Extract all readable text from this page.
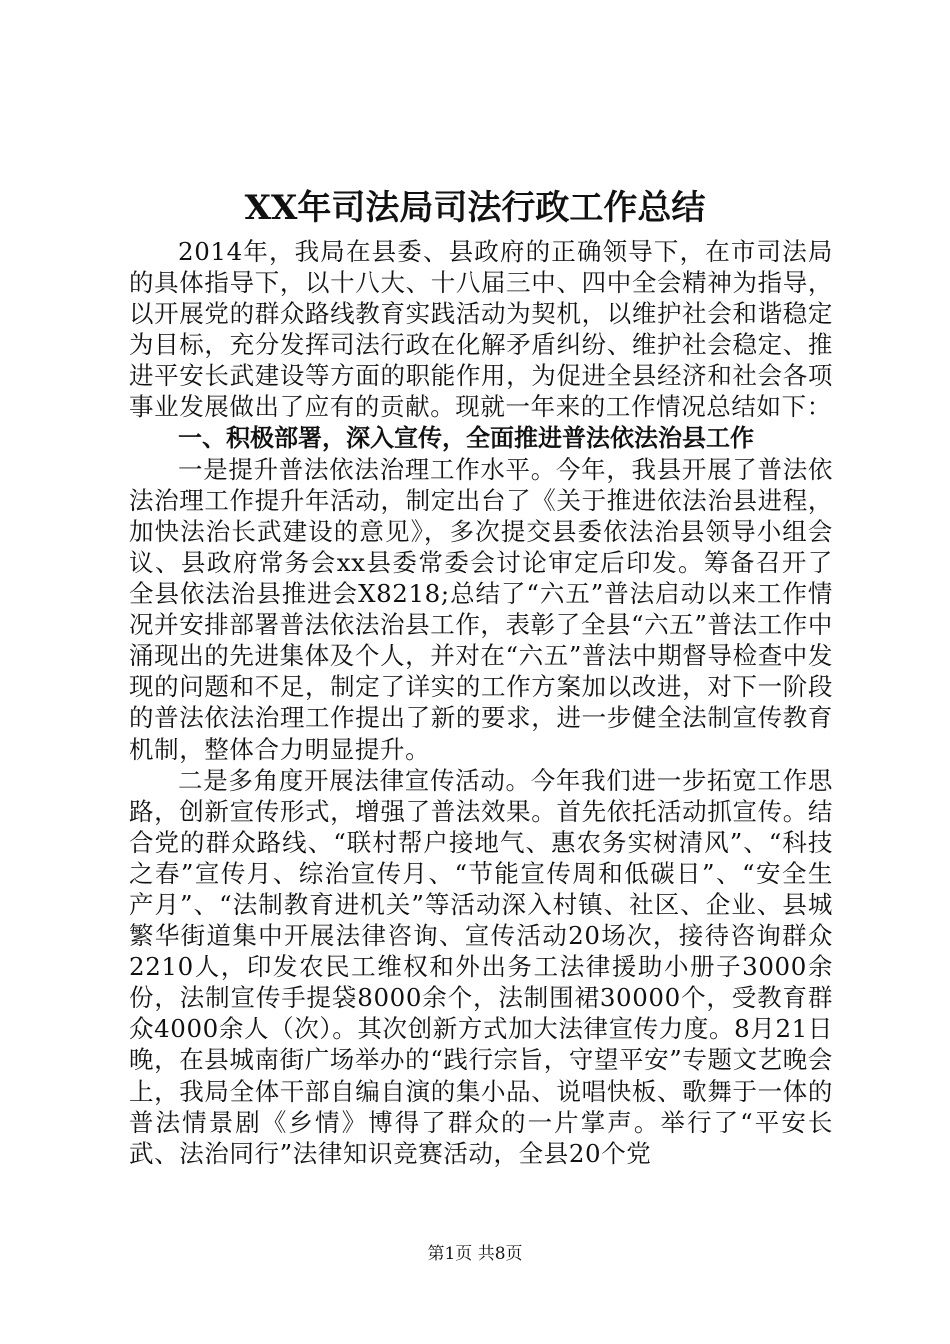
XX年司法局司法行政工作总结

2014年，我局在县委、县政府的正确领导下，在市司法局的具体指导下，以十八大、十八届三中、四中全会精神为指导，以开展党的群众路线教育实践活动为契机，以维护社会和谐稳定为目标，充分发挥司法行政在化解矛盾纠纷、维护社会稳定、推进平安长武建设等方面的职能作用，为促进全县经济和社会各项事业发展做出了应有的贡献。现就一年来的工作情况总结如下：

一、积极部署，深入宣传，全面推进普法依法治县工作

一是提升普法依法治理工作水平。今年，我县开展了普法依法治理工作提升年活动，制定出台了《关于推进依法治县进程，加快法治长武建设的意见》，多次提交县委依法治县领导小组会议、县政府常务会xx县委常委会讨论审定后印发。筹备召开了全县依法治县推进会X8218;总结了“六五”普法启动以来工作情况并安排部署普法依法治县工作，表彰了全县“六五”普法工作中涌现出的先进集体及个人，并对在“六五”普法中期督导检查中发现的问题和不足，制定了详实的工作方案加以改进，对下一阶段的普法依法治理工作提出了新的要求，进一步健全法制宣传教育机制，整体合力明显提升。

二是多角度开展法律宣传活动。今年我们进一步拓宽工作思路，创新宣传形式，增强了普法效果。首先依托活动抓宣传。结合党的群众路线、“联村帮户接地气、惠农务实树清风”、“科技之春”宣传月、综治宣传月、“节能宣传周和低碳日”、“安全生产月”、“法制教育进机关”等活动深入村镇、社区、企业、县城繁华街道集中开展法律咨询、宣传活动20场次，接待咨询群众2210人，印发农民工维权和外出务工法律援助小册子3000余份，法制宣传手提袋8000余个，法制围裙30000个，受教育群众4000余人（次）。其次创新方式加大法律宣传力度。8月21日晚，在县城南街广场举办的“践行宗旨，守望平安”专题文艺晚会上，我局全体干部自编自演的集小品、说唱快板、歌舞于一体的普法情景剧《乡情》博得了群众的一片掌声。举行了“平安长武、法治同行”法律知识竞赛活动，全县20个党

第1页 共8页
